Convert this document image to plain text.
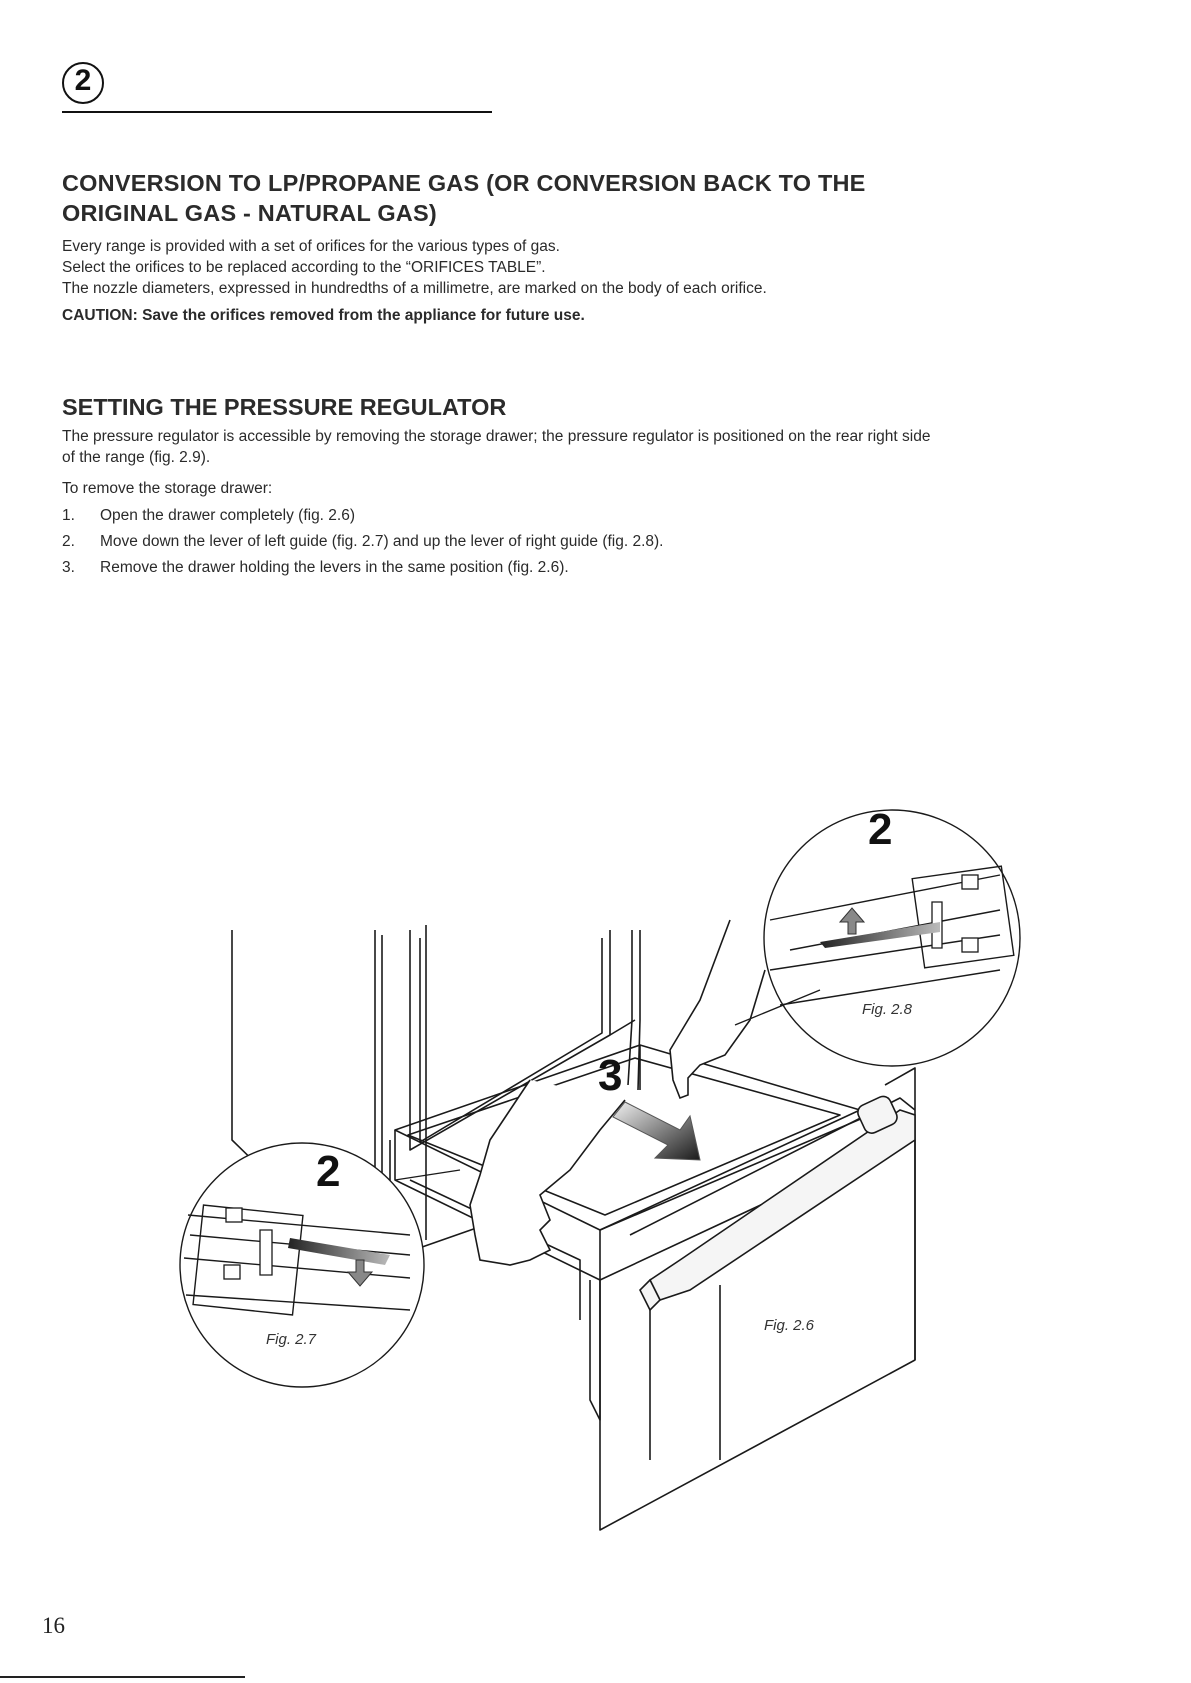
2
CONVERSION TO LP/PROPANE GAS (OR CONVERSION BACK TO THE ORIGINAL GAS - NATURAL GAS)

Every range is provided with a set of orifices for the various types of gas.

Select the orifices to be replaced according to the “ORIFICES TABLE”.

The nozzle diameters, expressed in hundredths of a millimetre, are marked on the body of each orifice.

CAUTION: Save the orifices removed from the appliance for future use.

SETTING THE PRESSURE REGULATOR

The pressure regulator is accessible by removing the storage drawer; the pressure regulator is positioned on the rear right side of the range (fig. 2.9).

To remove the storage drawer:

1. Open the drawer completely (fig. 2.6)
2. Move down the lever of left guide (fig. 2.7) and up the lever of right guide (fig. 2.8).
3. Remove the drawer holding the levers in the same position (fig. 2.6).
3
2
Fig. 2.8
2
Fig. 2.7
Fig. 2.6
16
